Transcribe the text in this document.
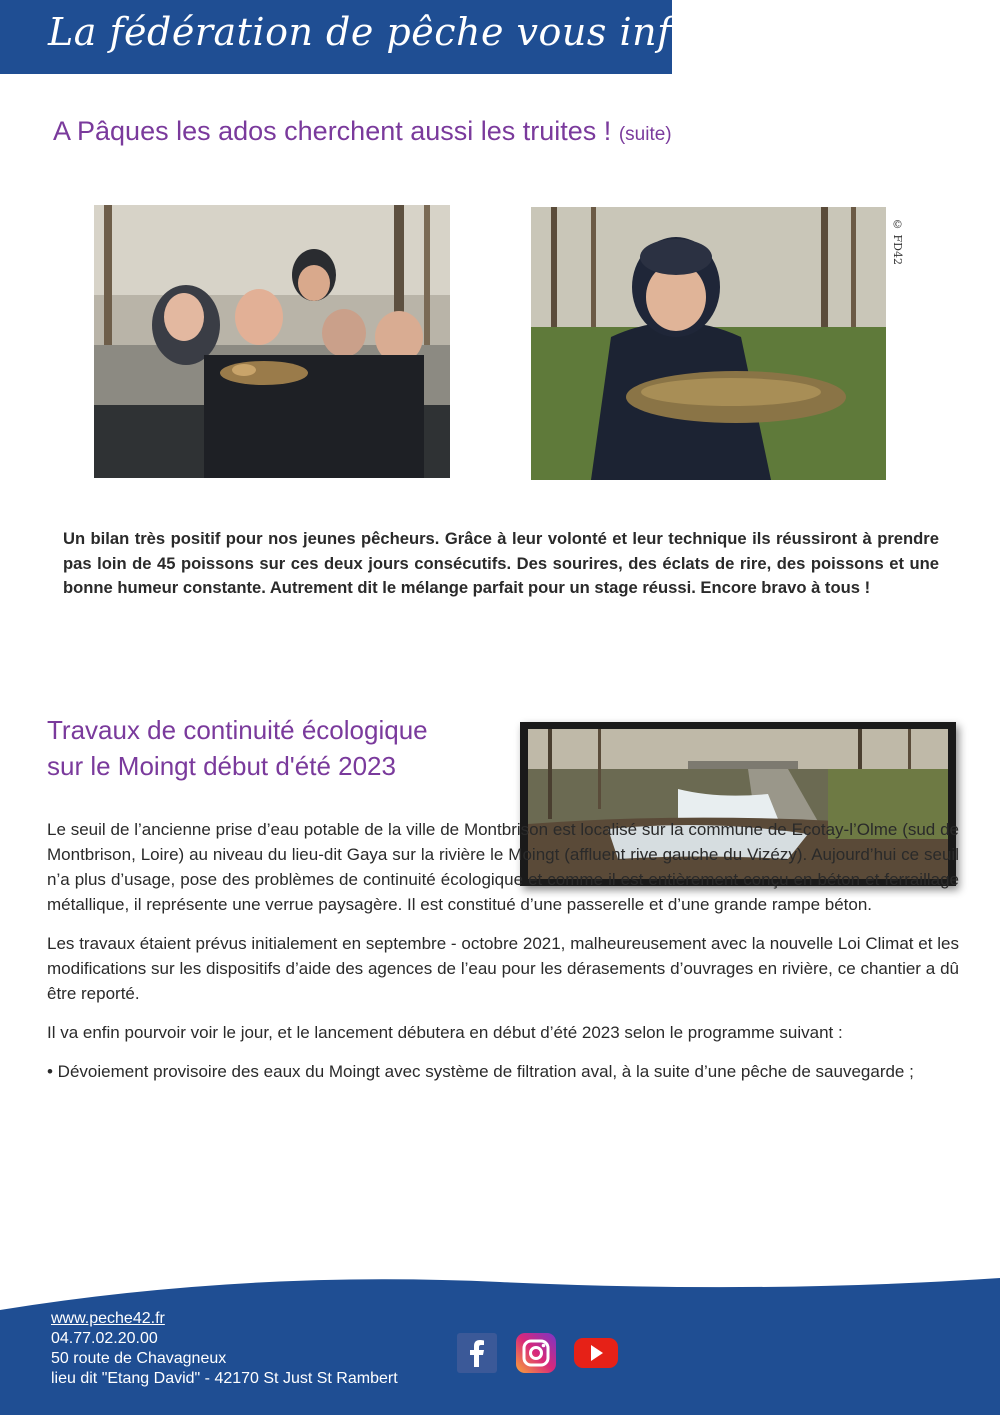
La fédération de pêche vous informe...
A Pâques les ados cherchent aussi les truites ! (suite)
© FD42
Un bilan très positif pour nos jeunes pêcheurs. Grâce à leur volonté et leur technique ils réussiront à prendre pas loin de 45 poissons sur ces deux jours consécutifs. Des sourires, des éclats de rire, des poissons et une bonne humeur constante. Autrement dit le mélange parfait pour un stage réussi. Encore bravo à tous !
Travaux de continuité écologique
sur le Moingt début d'été 2023

Le seuil de l’ancienne prise d’eau potable de la ville de Montbrison est localisé sur la commune de Ecotay-l’Olme (sud de Montbrison, Loire) au niveau du lieu-dit Gaya sur la rivière le Moingt (affluent rive gauche du Vizézy). Aujourd’hui ce seuil n’a plus d’usage, pose des problèmes de continuité écologique et comme il est entièrement conçu en béton et ferraillage métallique, il représente une verrue paysagère. Il est constitué d’une passerelle et d’une grande rampe béton.

Les travaux étaient prévus initialement en septembre - octobre 2021, malheureusement avec la nouvelle Loi Climat et les modifications sur les dispositifs d’aide des agences de l’eau pour les dérasements d’ouvrages en rivière, ce chantier a dû être reporté.

Il va enfin pourvoir voir le jour, et le lancement débutera en début d’été 2023 selon le programme suivant :

• Dévoiement provisoire des eaux du Moingt avec système de filtration aval, à la suite d’une pêche de sauvegarde ;

www.peche42.fr
04.77.02.20.00
50 route de Chavagneux
lieu dit "Etang David" - 42170 St Just St Rambert
